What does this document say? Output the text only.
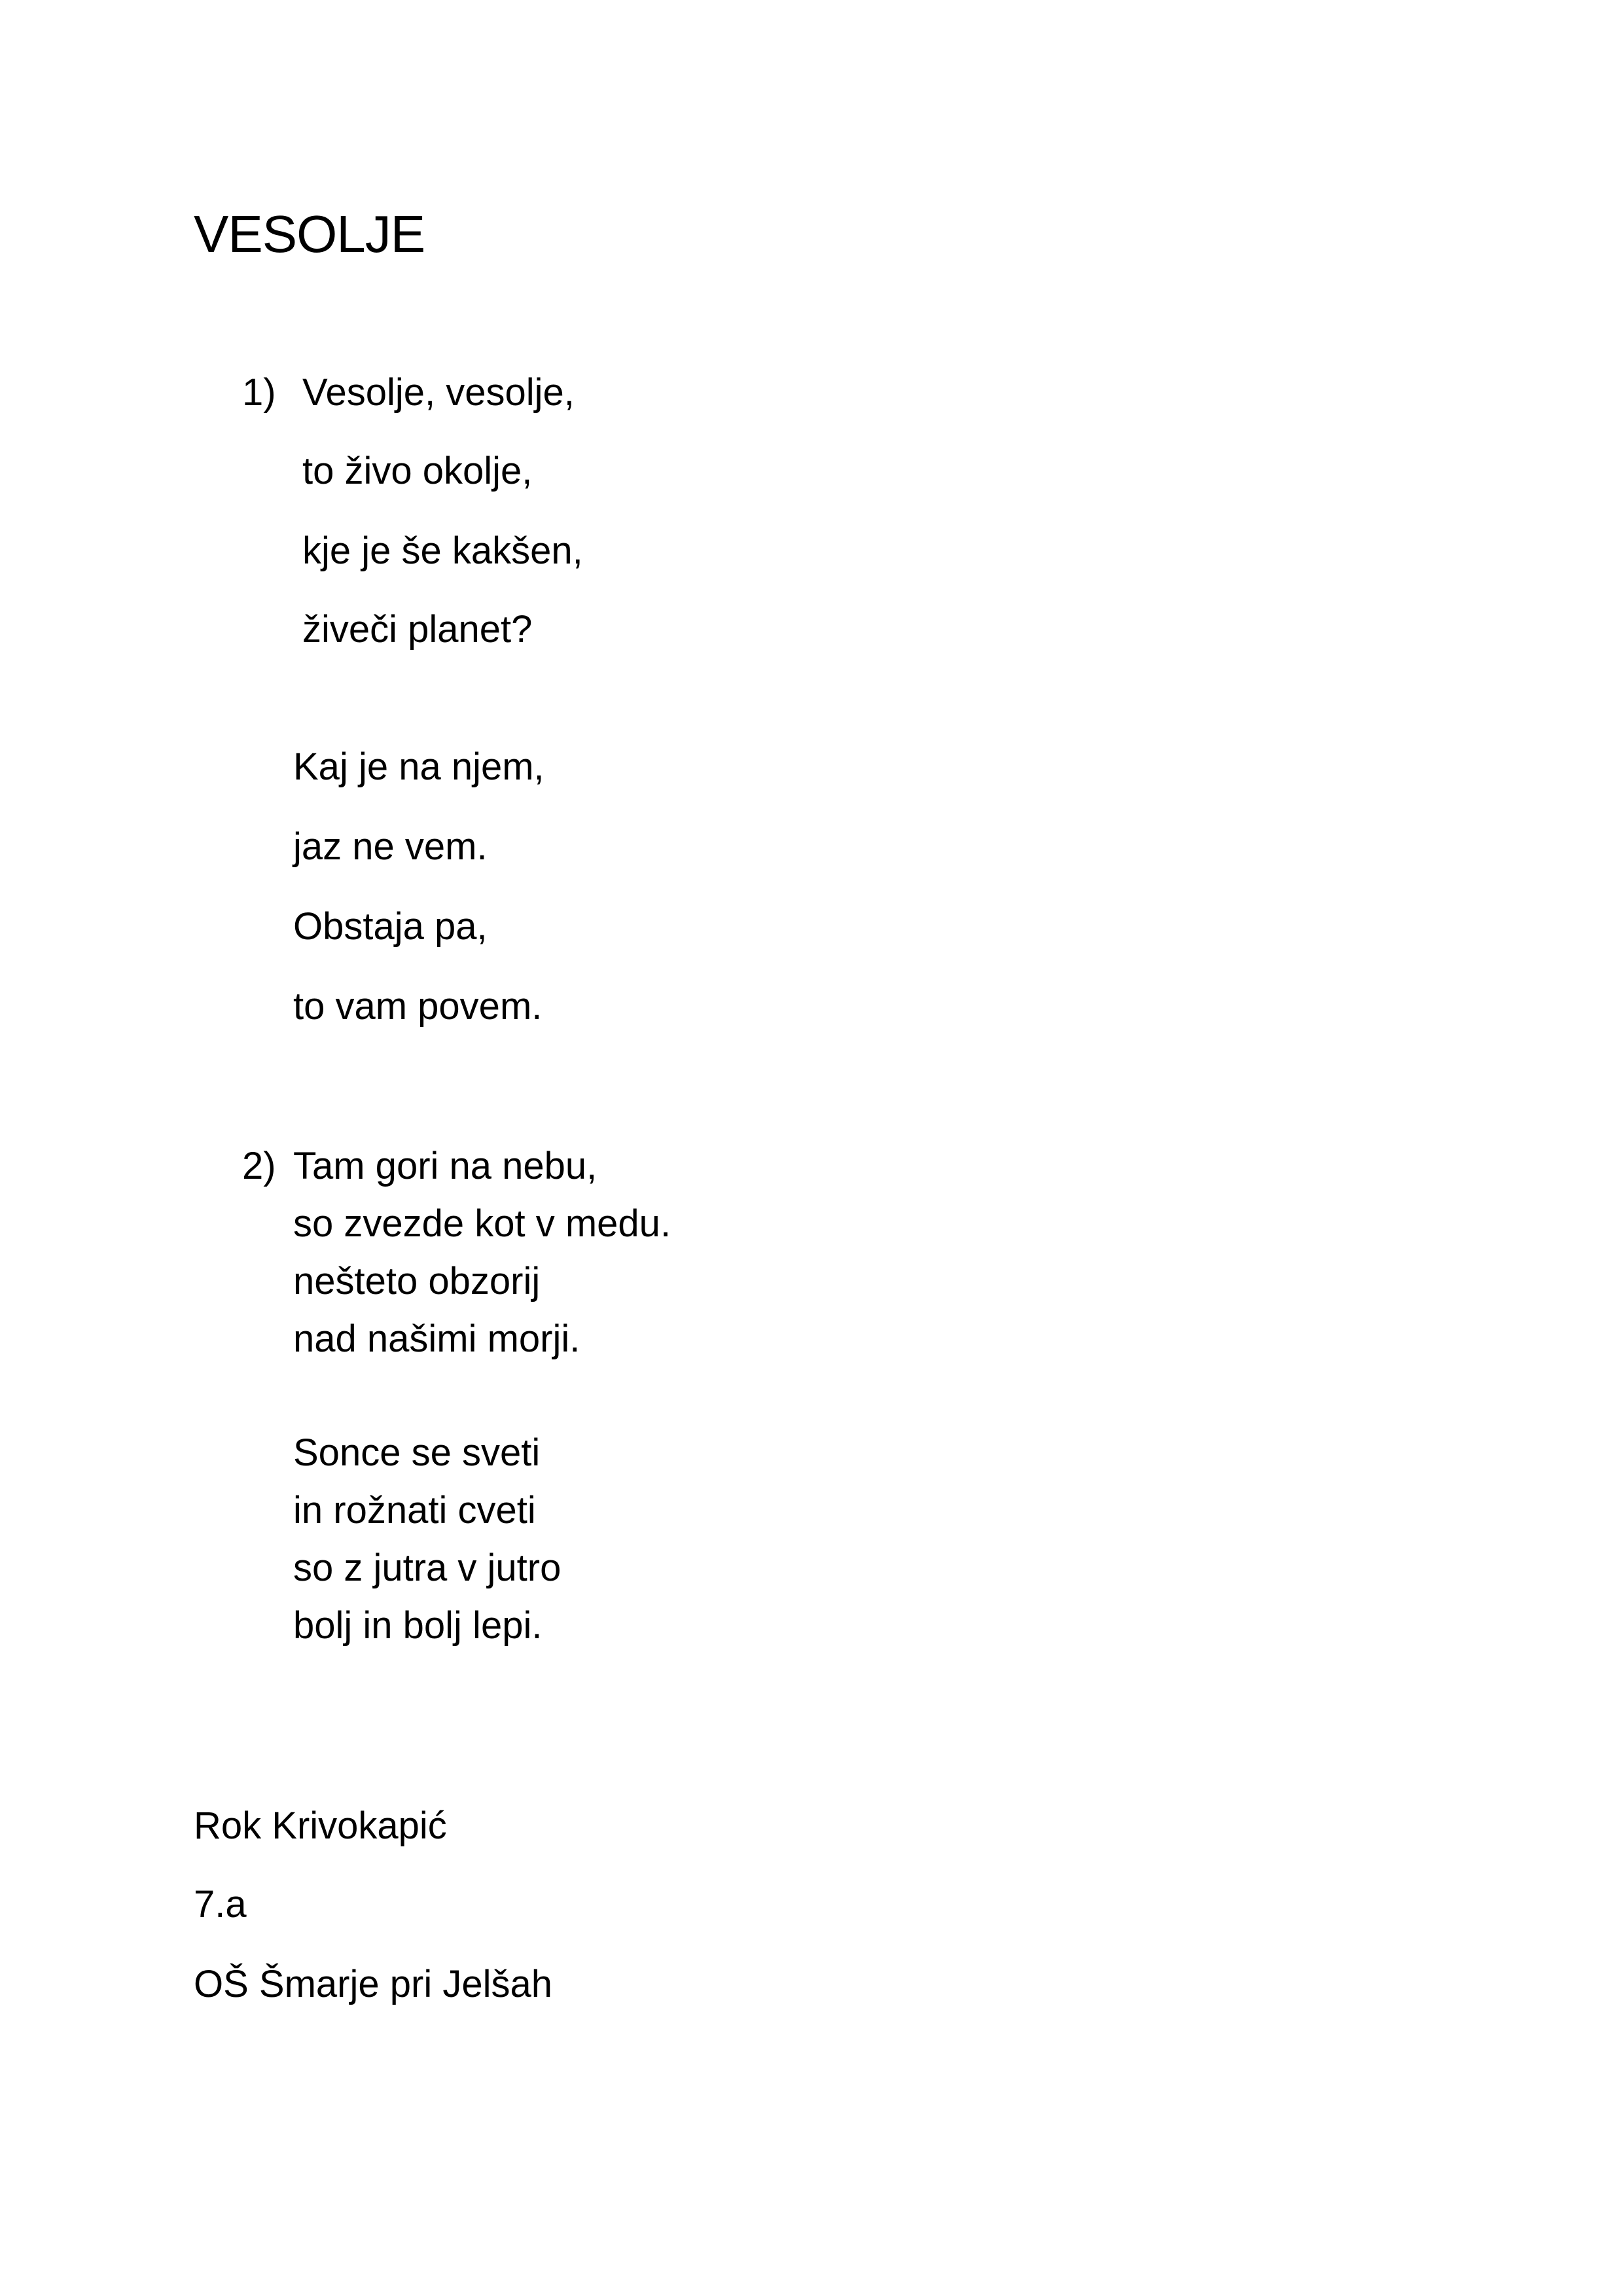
VESOLJE
1) Vesolje, vesolje,
to živo okolje,
kje je še kakšen,
živeči planet?
Kaj je na njem,
jaz ne vem.
Obstaja pa,
to vam povem.
2) Tam gori na nebu,
so zvezde kot v medu.
nešteto obzorij
nad našimi morji.
Sonce se sveti
in rožnati cveti
so z jutra v jutro
bolj in bolj lepi.
Rok Krivokapić
7.a
OŠ Šmarje pri Jelšah
